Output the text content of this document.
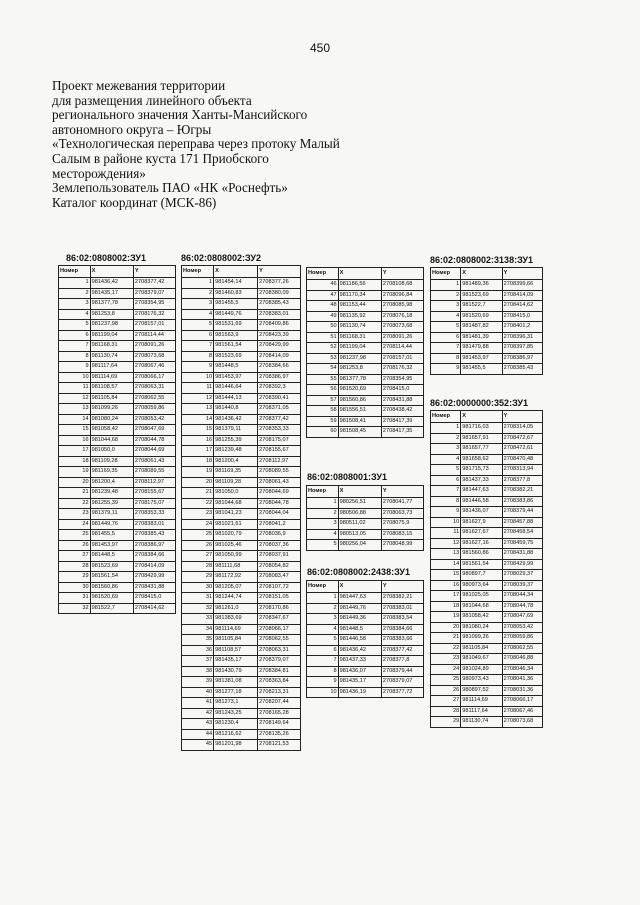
450
Проект межевания территории
для размещения линейного объекта
регионального значения Ханты-Мансийского
автономного округа – Югры
«Технологическая переправа через протоку Малый
Салым в районе куста 171 Приобского
месторождения»
Землепользователь ПАО «НК «Роснефть»
Каталог координат (МСК-86)
86:02:0808002:ЗУ1	86:02:0808002:ЗУ2
86:02:0808001:ЗУ1
86:02:0808002:2438:ЗУ1
86:02:0808002:3138:ЗУ1
86:02:0000000:352:ЗУ1
Номер	X	Y
1	981436,42	2708377,42
2	981435,17	2708379,07
3	981377,78	2708354,95
4	981253,8	2708176,32
5	981237,98	2708157,01
6	981199,04	2708114,44
7	981168,31	2708091,26
8	981130,74	2708073,68
9	981117,64	2708067,46
10	981114,69	2708066,17
11	981108,57	2708063,31
12	981105,84	2708062,55
13	981099,26	2708059,86
14	981080,24	2708053,42
15	981058,42	2708047,69
16	981044,68	2708044,78
17	981050,0	2708044,69
18	981109,28	2708061,43
19	981169,35	2708089,55
20	981200,4	2708112,97
21	981239,48	2708155,67
22	981255,39	2708175,07
23	981379,11	2708353,33
24	981449,76	2708383,01
25	981455,5	2708385,43
26	981453,97	2708386,97
27	981448,5	2708384,66
28	981523,69	2708414,09
29	981561,54	2708429,99
30	981560,86	2708431,88
31	981520,69	2708415,0
32	981522,7	2708414,62
Номер	X	Y
1	981454,14	2708377,26
2	981460,83	2708380,09
3	981455,5	2708385,43
4	981449,76	2708383,01
5	981531,69	2708409,86
6	981563,9	2708423,39
7	981561,54	2708429,99
8	981523,69	2708414,09
9	981448,5	2708384,66
10	981453,97	2708386,97
11	981446,64	2708392,3
12	981444,13	2708390,41
13	981440,8	2708371,05
14	981436,42	2708377,42
15	981379,11	2708353,33
16	981255,39	2708175,07
17	981239,48	2708155,67
18	981200,4	2708112,97
19	981169,35	2708089,55
20	981109,28	2708061,43
21	981050,0	2708044,69
22	981044,68	2708044,78
23	981041,23	2708044,04
24	981021,61	2708041,2
25	981020,79	2708036,9
26	981025,46	2708037,36
27	981050,99	2708037,91
28	981111,68	2708054,82
29	981172,92	2708083,47
30	981205,07	2708107,72
31	981244,74	2708151,05
32	981261,0	2708170,86
33	981383,69	2708347,67
34	981114,69	2708066,17
35	981105,84	2708062,55
36	981108,57	2708063,31
37	981435,17	2708379,07
38	981430,79	2708384,81
39	981381,08	2708363,84
40	981277,18	2708213,31
41	981273,1	2708207,44
42	981243,25	2708165,28
43	981230,4	2708149,64
44	981216,62	2708135,26
45	981201,98	2708121,53
Номер	X	Y
46	981186,56	2708108,68
47	981170,34	2708096,84
48	981153,44	2708085,98
49	981135,92	2708076,18
50	981130,74	2708073,68
51	981168,31	2708091,26
52	981199,04	2708114,44
53	981237,98	2708157,01
54	981253,8	2708176,32
55	981377,78	2708354,95
56	981520,69	2708415,0
57	981560,86	2708431,88
58	981556,51	2708438,42
59	981508,41	2708417,39
60	981508,45	2708417,35
Номер	X	Y
1	980256,51	2708041,77
2	980506,88	2708063,73
3	980511,02	2708075,9
4	980513,05	2708083,15
5	980256,04	2708048,99
Номер	X	Y
1	981447,63	2708382,21
2	981449,76	2708383,01
3	981449,36	2708383,54
4	981448,5	2708384,66
5	981446,58	2708383,66
6	981436,42	2708377,42
7	981437,33	2708377,8
8	981436,07	2708379,44
9	981435,17	2708379,07
10	981436,19	2708377,72
Номер	X	Y
1	981489,36	2708399,66
2	981523,69	2708414,09
3	981522,7	2708414,62
4	981520,69	2708415,0
5	981487,82	2708401,2
6	981481,39	2708396,31
7	981479,88	2708397,85
8	981453,97	2708386,97
9	981455,5	2708385,43
Номер	X	Y
1	981716,03	2708314,05
2	981657,91	2708472,67
3	981657,77	2708472,61
4	981658,62	2708470,48
5	981715,73	2708313,94
6	981437,33	2708377,8
7	981447,63	2708382,21
8	981446,58	2708383,86
9	981436,07	2708379,44
10	981627,9	2708457,88
11	981627,67	2708458,54
12	981627,16	2708459,75
13	981560,86	2708431,88
14	981561,54	2708429,99
15	980897,7	2708029,37
16	980973,64	2708039,37
17	981025,05	2708044,34
18	981044,68	2708044,78
19	981058,42	2708047,69
20	981080,24	2708053,42
21	981099,26	2708059,86
22	981105,84	2708062,55
23	981049,67	2708046,88
24	981024,89	2708046,34
25	980973,43	2708041,36
26	980897,52	2708031,36
27	981114,69	2708066,17
28	981117,64	2708067,46
29	981130,74	2708073,68
